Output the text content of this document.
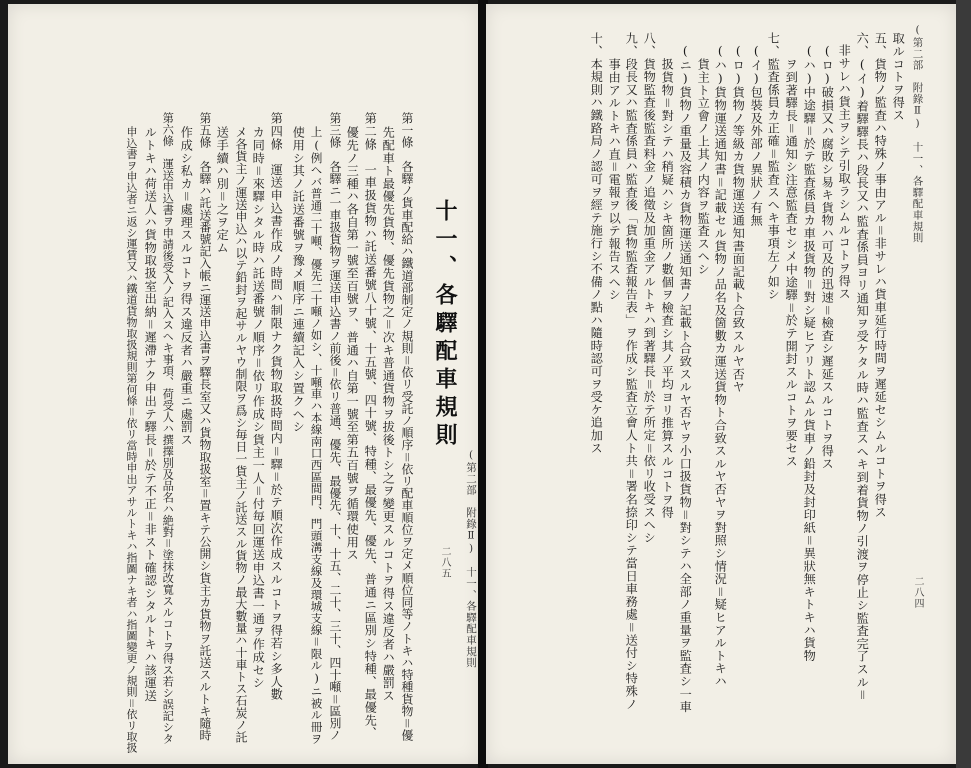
(第二部　附錄Ⅱ)　十一、各驛配車規則
二八五
十一、各驛配車規則
第一條　各驛ノ貨車配給ハ鐵道部制定ノ規則＝依リ受託ノ順序＝依リ配車順位ヲ定メ順位同等ノトキハ特種貨物＝優
先配車ト最優先貨物、優先貨物之＝次キ普通貨物ヲ拔後トシ之ヲ變更スルコトヲ得ス違反者ハ嚴罰ス
第二條　一車扱貨物ハ託送番號八十號、十五號、四十號、特種、最優先、優先、普通ニ區別シ特種、最優先、
優先ノ三種ハ各自第一號至百號ヲ、普通ハ自第一號至第五百號ヲ循環使用ス
第三條　各驛ニ一車扱貨物ヲ運送申込書ノ前後＝依リ普通、優先、最優先、十、十五、二十、三十、四十噸＝區別ノ
上(例へバ普通二十噸、優先二十噸ノ如シ、十噸車ハ本線南口西區間門、門頭溝支線及環城支線＝限ル)ニ被ル冊ヲ
使用シ其ノ託送番號ヲ豫メ順序ニ連續記入シ置クヘシ
第四條　運送申込書作成ノ時間ハ制限ナク貨物取扱時間内＝驛＝於テ順次作成スルコトヲ得若シ多人數
カ同時＝來驛シタル時ハ託送番號ノ順序＝依リ作成シ貨主一人＝付毎回運送申込書一通ヲ作成セシ
メ各貨主ノ運送申込ハ以テ鉛封ヲ起サルヤウ制限ヲ爲シ毎日一貨主ノ託送スル貨物ノ最大數量ハ十車トス石炭ノ託
送手續ハ別＝之ヲ定ム
第五條　各驛ハ託送番號記入帳ニ運送申込書ヲ驛長室又ハ貨物取扱室＝置キテ公開シ貨主カ貨物ヲ託送スルトキ隨時
作成シ私カ＝處理スルコトヲ得ス違反者ハ嚴重ニ處罰ス
第六條　運送申込書ヲ申請後受入ノ記入スヘキ事項、荷受人ハ撰擇別及品名ハ絶對＝塗抹改寬スルコトヲ得ス若シ誤記シタ
ルトキハ荷送人ハ貨物取扱室出納＝遲滯ナク申出テ驛長＝於テ不正＝非スト確認シタルトキハ該運送
申込書ヲ申込者ニ返シ運賃又ハ鐵道貨物取扱規則第何條＝依リ當時申出アサルトキハ指圖ナキ者ハ指圖變更ノ規則＝依リ取扱	(第二部　附錄Ⅱ)　十一、各驛配車規則
二八四
取ルコトヲ得ス
五、貨物ノ監査ハ特殊ノ事由アル＝非サレハ貨車延行時間ヲ遲延セシムルコトヲ得ス
六、(イ)着驛驛長ハ段長又ハ監査係員ヨリ通知ヲ受ケタル時ハ監査スヘキ到着貨物ノ引渡ヲ停止シ監査完了スル＝
非サレハ貨主ヲシテ引取ラシムルコトヲ得ス
(ロ)破損又ハ腐敗シ易キ貨物ハ可及的迅速＝檢査シ遲延スルコトヲ得ス
(ハ)中途驛＝於テ監査係員カ車扱貨物＝對シ疑ヒアリト認ムル貨車ノ鉛封及封印紙＝異狀無キトキハ貨物
ヲ到著驛長＝通知シ注意監査セシメ中途驛＝於テ開封スルコトヲ要セス
七、監査係員カ正確＝監査スヘキ事項左ノ如シ
(イ)包裝及外部ノ異狀ノ有無
(ロ)貨物ノ等級カ貨物運送通知書面記載ト合致スルヤ否ヤ
(ハ)貨物運送通知書＝記載セル貨物ノ品名及箇數カ運送貨物ト合致スルヤ否ヤヲ對照シ情況＝疑ヒアルトキハ
貨主ト立會ノ上其ノ内容ヲ監査スヘシ
(ニ)貨物ノ重量及容積カ貨物運送通知書ノ記載ト合致スルヤ否ヤヲ小口扱貨物＝對シテハ全部ノ重量ヲ監査シ一車
扱貨物＝對シテハ稍疑ハシキ箇所ノ數個ヲ檢査シ其ノ平均ヨリ推算スルコトヲ得
八、貨物監査後監査料金ノ追徵及加重金アルトキハ到著驛長＝於テ所定＝依リ收受スヘシ
九、段長又ハ監査係員ハ監査後「貨物監査報告表」ヲ作成シ監査立會人ト共＝署名捺印シテ當日車務處＝送付シ特殊ノ
事由アルトキハ直＝電報ヲ以テ報告スヘシ
十、本規則ハ鐵路局ノ認可ヲ經テ施行シ不備ノ點ハ隨時認可ヲ受ケ追加ス
